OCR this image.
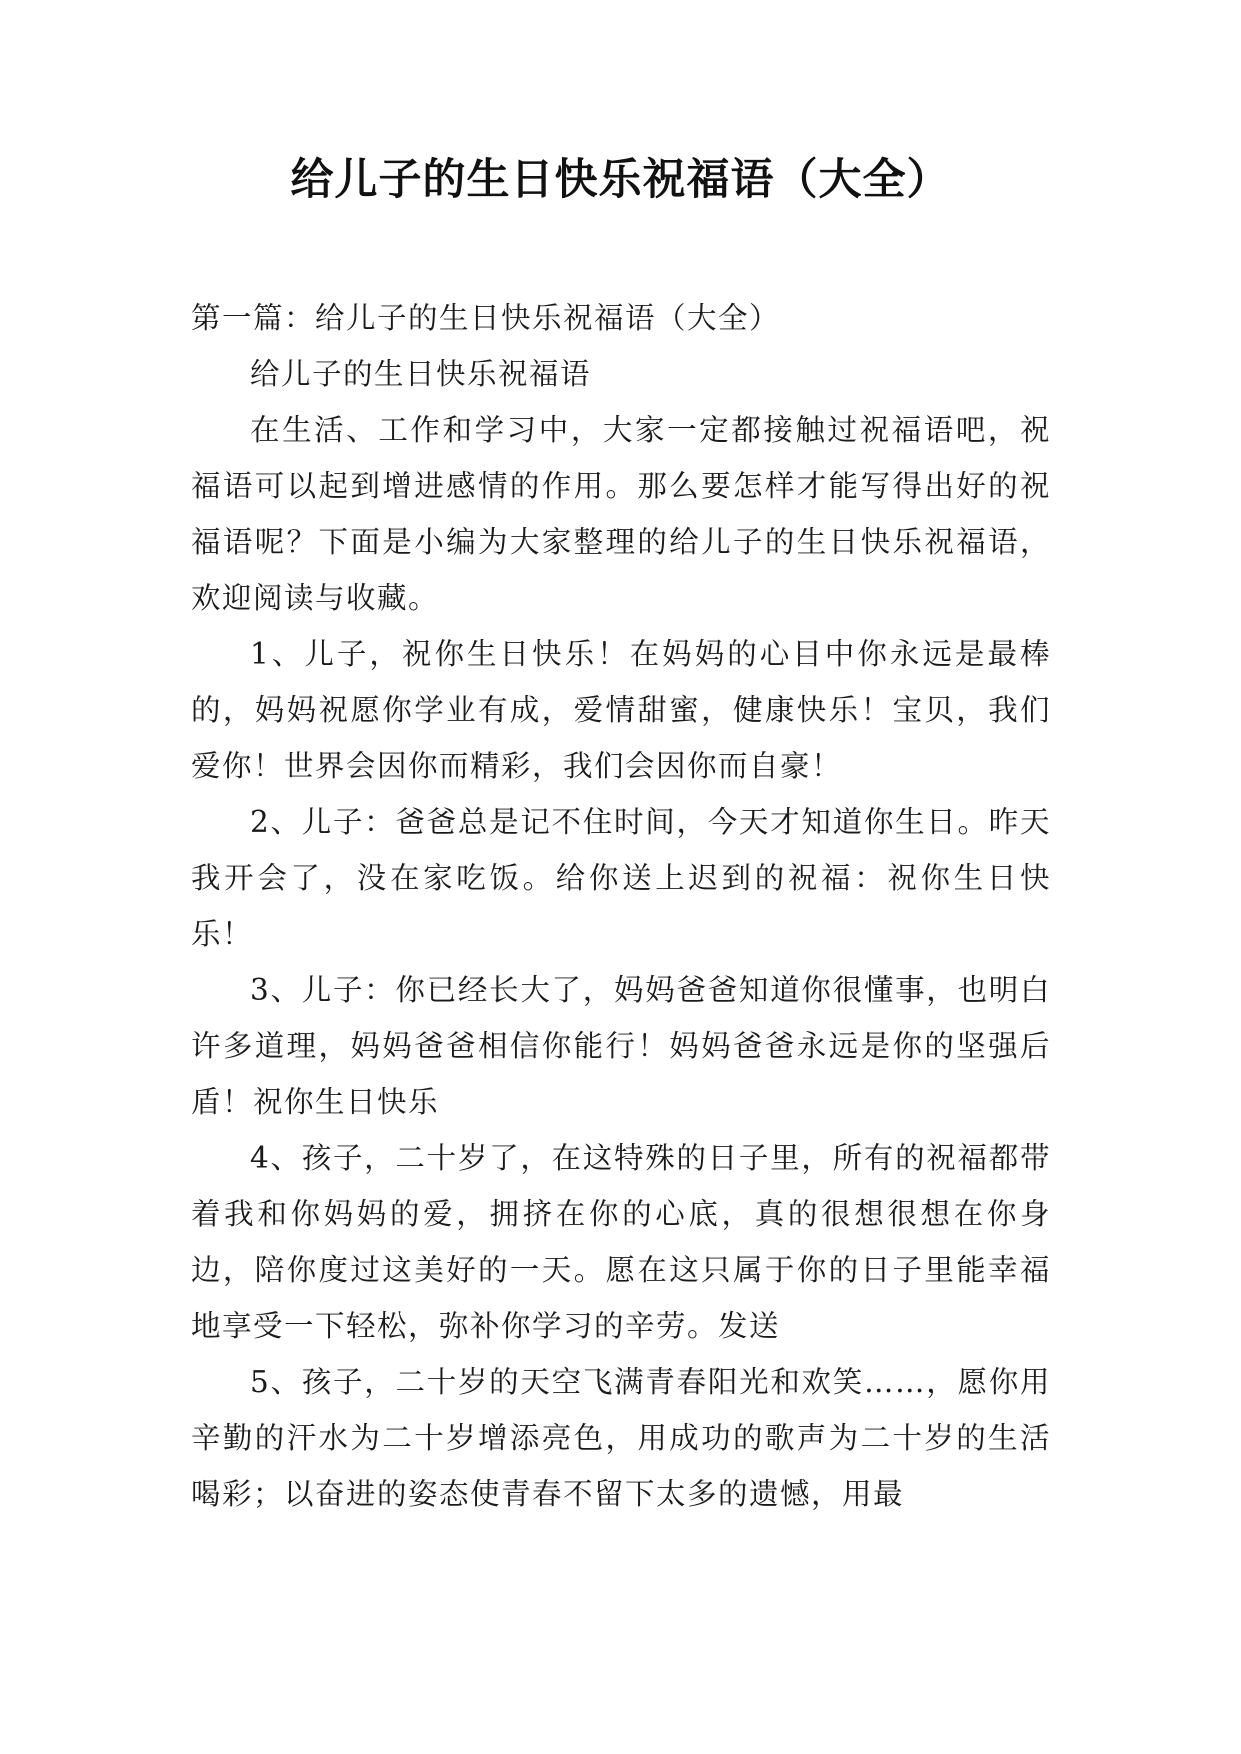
给儿子的生日快乐祝福语（大全）

第一篇：给儿子的生日快乐祝福语（大全）

给儿子的生日快乐祝福语

在生活、工作和学习中，大家一定都接触过祝福语吧，祝福语可以起到增进感情的作用。那么要怎样才能写得出好的祝福语呢？下面是小编为大家整理的给儿子的生日快乐祝福语，欢迎阅读与收藏。

1、儿子，祝你生日快乐！在妈妈的心目中你永远是最棒的，妈妈祝愿你学业有成，爱情甜蜜，健康快乐！宝贝，我们爱你！世界会因你而精彩，我们会因你而自豪！

2、儿子：爸爸总是记不住时间，今天才知道你生日。昨天我开会了，没在家吃饭。给你送上迟到的祝福：祝你生日快乐！

3、儿子：你已经长大了，妈妈爸爸知道你很懂事，也明白许多道理，妈妈爸爸相信你能行！妈妈爸爸永远是你的坚强后盾！祝你生日快乐

4、孩子，二十岁了，在这特殊的日子里，所有的祝福都带着我和你妈妈的爱，拥挤在你的心底，真的很想很想在你身边，陪你度过这美好的一天。愿在这只属于你的日子里能幸福地享受一下轻松，弥补你学习的辛劳。发送

5、孩子，二十岁的天空飞满青春阳光和欢笑……，愿你用辛勤的汗水为二十岁增添亮色，用成功的歌声为二十岁的生活喝彩；以奋进的姿态使青春不留下太多的遗憾，用最
